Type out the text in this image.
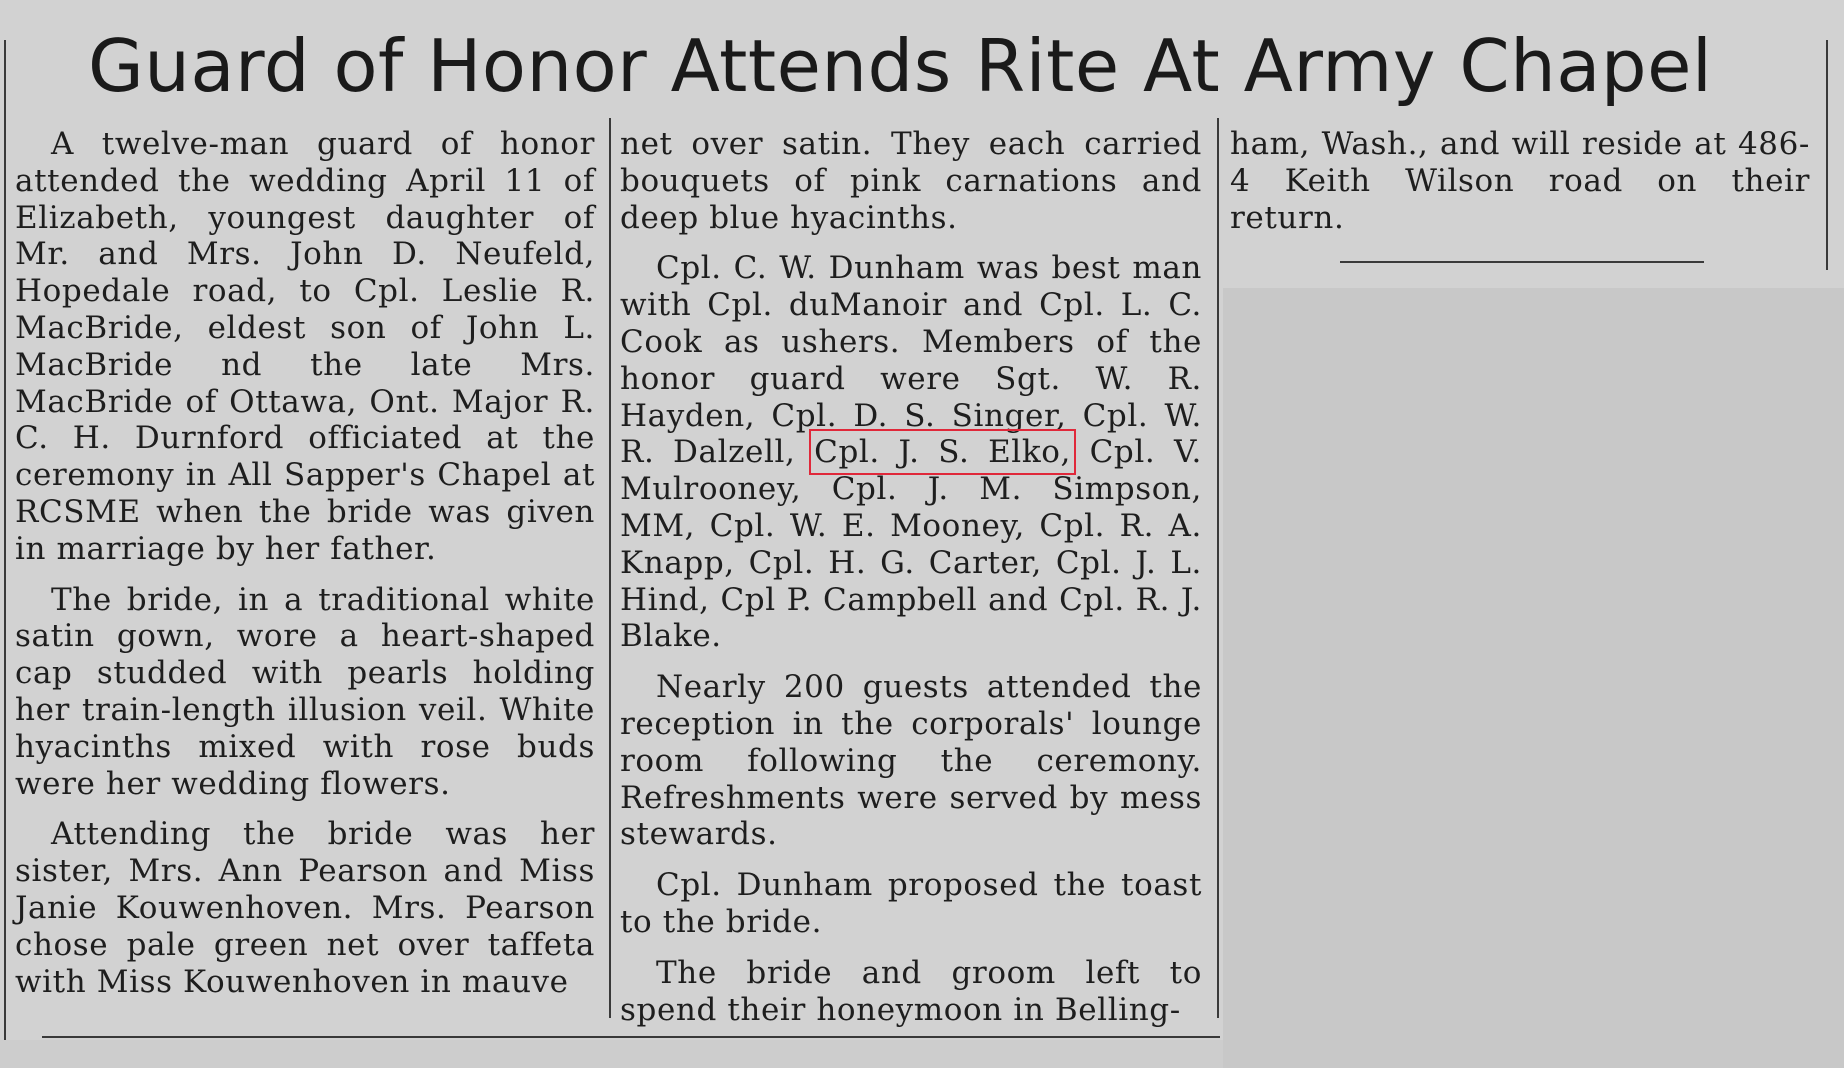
Guard of Honor Attends Rite At Army Chapel

A twelve-man guard of honor attended the wedding April 11 of Elizabeth, youngest daughter of Mr. and Mrs. John D. Neufeld, Hopedale road, to Cpl. Leslie R. MacBride, eldest son of John L. MacBride nd the late Mrs. MacBride of Ottawa, Ont. Major R. C. H. Durnford officiated at the ceremony in All Sapper's Chapel at RCSME when the bride was given in marriage by her father.

The bride, in a traditional white satin gown, wore a heart-shaped cap studded with pearls holding her train-length illusion veil. White hyacinths mixed with rose buds were her wedding flowers.

Attending the bride was her sister, Mrs. Ann Pearson and Miss Janie Kouwenhoven. Mrs. Pearson chose pale green net over taffeta with Miss Kouwenhoven in mauve

net over satin. They each carried bouquets of pink carnations and deep blue hyacinths.

Cpl. C. W. Dunham was best man with Cpl. duManoir and Cpl. L. C. Cook as ushers. Members of the honor guard were Sgt. W. R. Hayden, Cpl. D. S. Singer, Cpl. W. R. Dalzell, Cpl. J. S. Elko, Cpl. V. Mulrooney, Cpl. J. M. Simpson, MM, Cpl. W. E. Mooney, Cpl. R. A. Knapp, Cpl. H. G. Carter, Cpl. J. L. Hind, Cpl P. Campbell and Cpl. R. J. Blake.

Nearly 200 guests attended the reception in the corporals' lounge room following the ceremony. Refreshments were served by mess stewards.

Cpl. Dunham proposed the toast to the bride.

The bride and groom left to spend their honeymoon in Belling-

ham, Wash., and will reside at 486-4 Keith Wilson road on their return.
